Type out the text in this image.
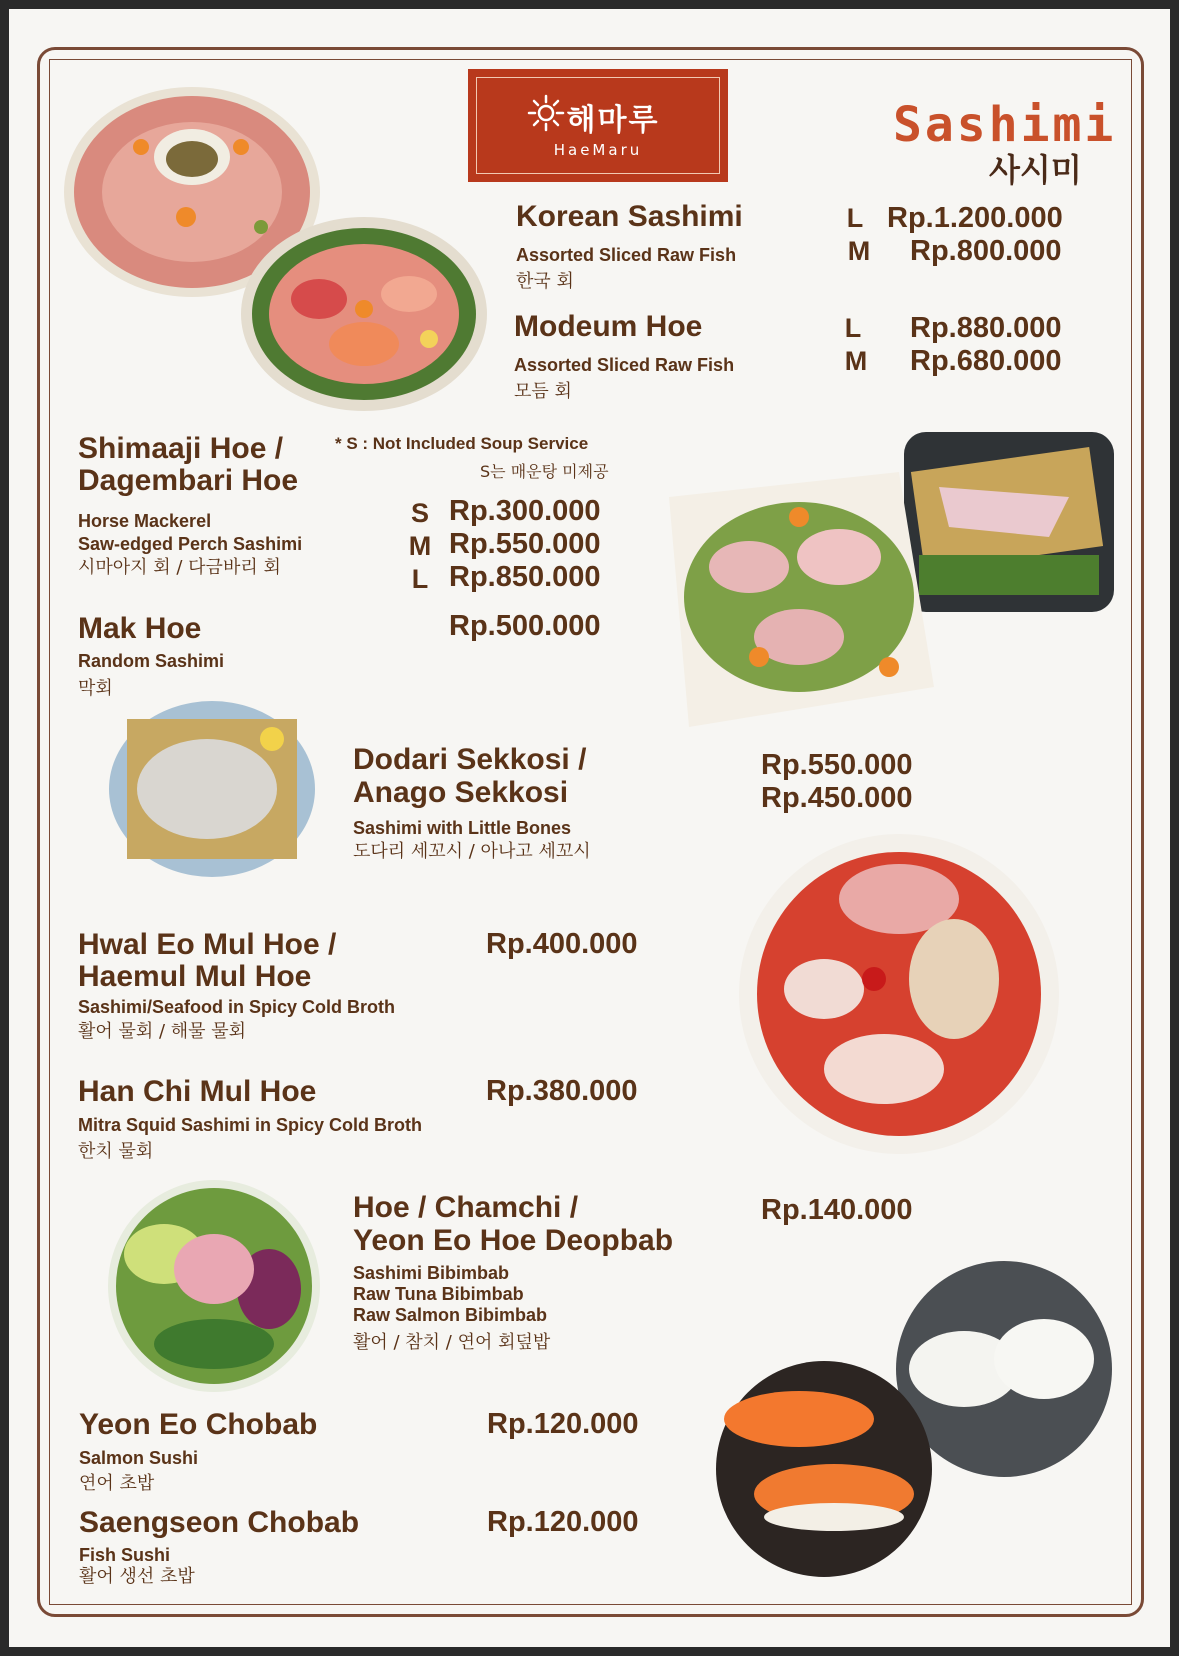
해마루
HaeMaru	Sashimi
사시미
Korean Sashimi
Assorted Sliced Raw Fish
한국 회
L
M
Rp.1.200.000
Rp.800.000
Modeum Hoe
Assorted Sliced Raw Fish
모듬 회
L
M
Rp.880.000
Rp.680.000
* S : Not Included Soup Service
S는 매운탕 미제공
Shimaaji Hoe /
Dagembari Hoe
Horse Mackerel
Saw-edged Perch Sashimi
시마아지 회 / 다금바리 회
S
M
L
Rp.300.000
Rp.550.000
Rp.850.000
Mak Hoe
Random Sashimi
막회
Rp.500.000
Dodari Sekkosi /
Anago Sekkosi
Sashimi with Little Bones
도다리 세꼬시 / 아나고 세꼬시
Rp.550.000
Rp.450.000
Hwal Eo Mul Hoe /
Haemul Mul Hoe
Sashimi/Seafood in Spicy Cold Broth
활어 물회 / 해물 물회
Rp.400.000
Han Chi Mul Hoe
Mitra Squid Sashimi in Spicy Cold Broth
한치 물회
Rp.380.000
Hoe / Chamchi /
Yeon Eo Hoe Deopbab
Sashimi Bibimbab
Raw Tuna Bibimbab
Raw Salmon Bibimbab
활어 / 참치 / 연어 회덮밥
Rp.140.000
Yeon Eo Chobab
Salmon Sushi
연어 초밥
Rp.120.000
Saengseon Chobab
Fish Sushi
활어 생선 초밥
Rp.120.000
